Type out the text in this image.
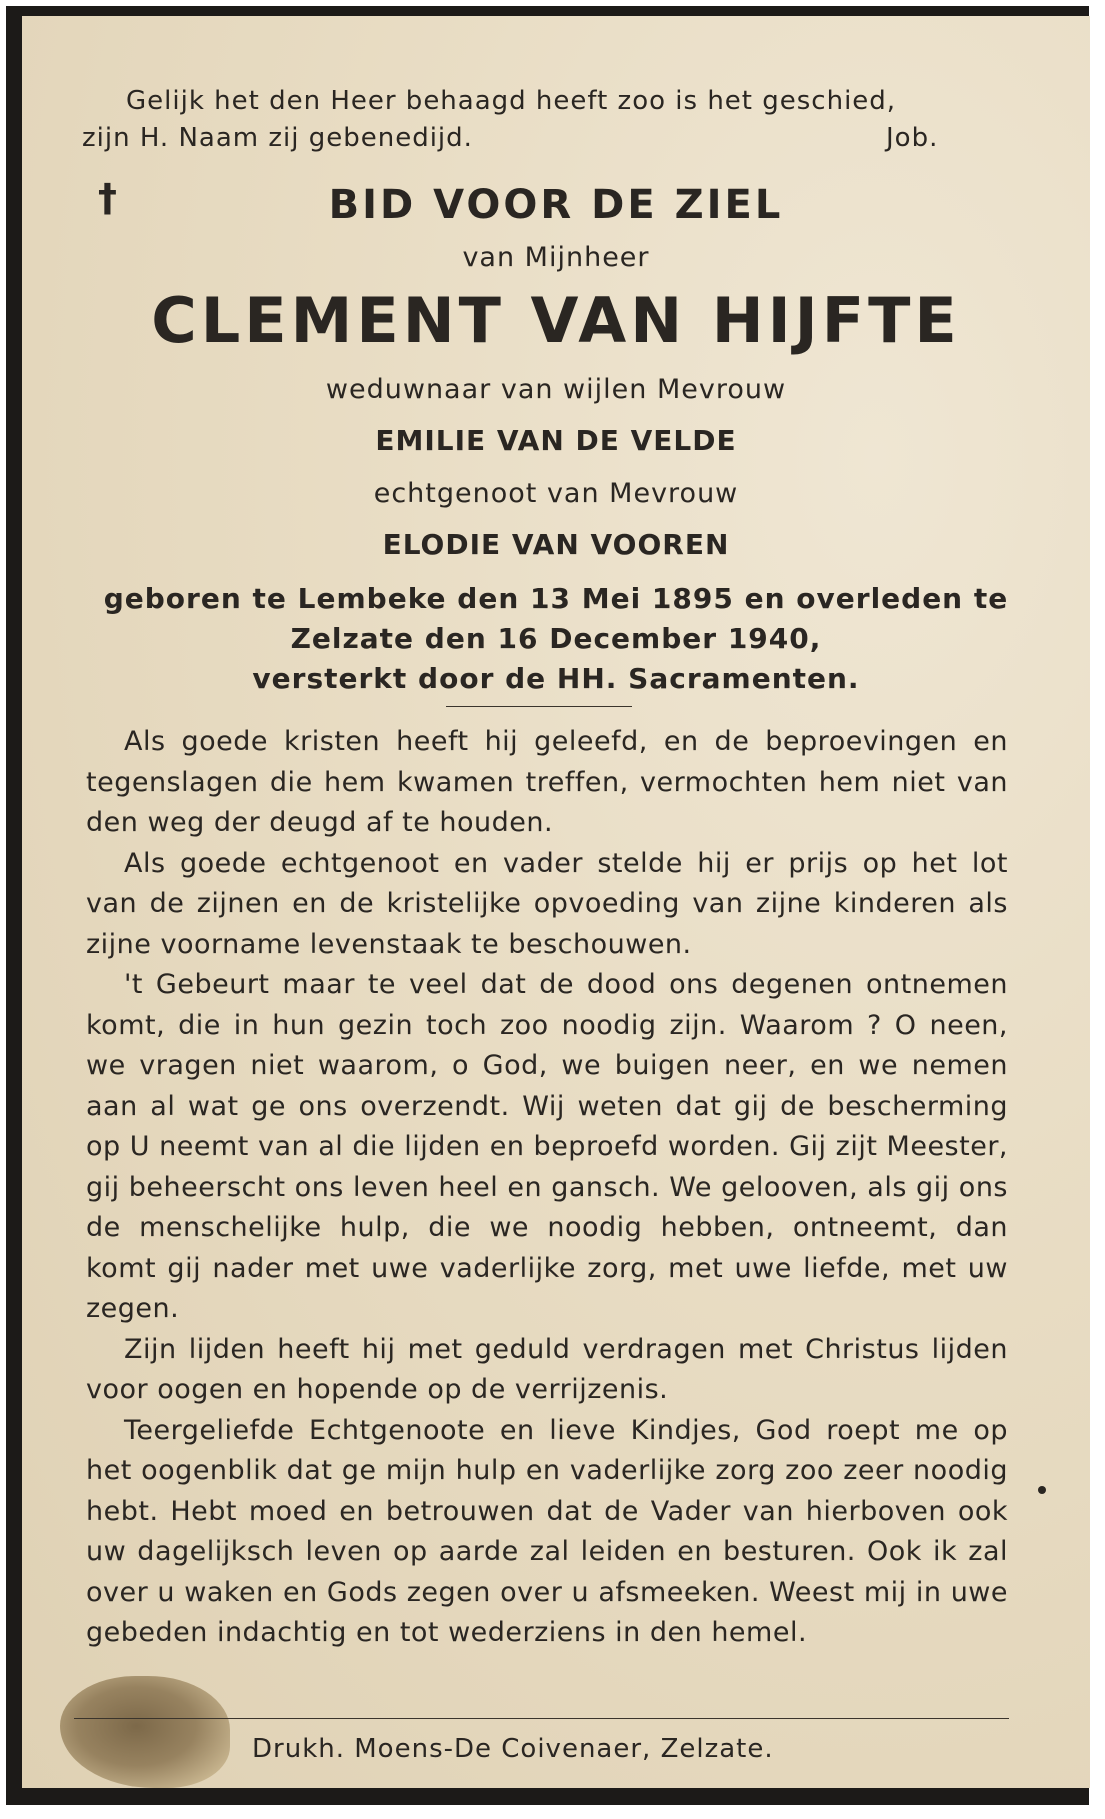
Gelijk het den Heer behaagd heeft zoo is het geschied,
zijn H. Naam zij gebenedijd.	Job.
†	BID VOOR DE ZIEL
van Mijnheer
CLEMENT VAN HIJFTE
weduwnaar van wijlen Mevrouw
EMILIE VAN DE VELDE
echtgenoot van Mevrouw
ELODIE VAN VOOREN
geboren te Lembeke den 13 Mei 1895 en overleden te
Zelzate den 16 December 1940,
versterkt door de HH. Sacramenten.

Als goede kristen heeft hij geleefd, en de beproevingen en tegenslagen die hem kwamen treffen, vermochten hem niet van den weg der deugd af te houden.

Als goede echtgenoot en vader stelde hij er prijs op het lot van de zijnen en de kristelijke opvoeding van zijne kinderen als zijne voorname levenstaak te beschouwen.

't Gebeurt maar te veel dat de dood ons degenen ontnemen komt, die in hun gezin toch zoo noodig zijn. Waarom ? O neen, we vragen niet waarom, o God, we buigen neer, en we nemen aan al wat ge ons overzendt. Wij weten dat gij de bescherming op U neemt van al die lijden en beproefd worden. Gij zijt Meester, gij beheerscht ons leven heel en gansch. We gelooven, als gij ons de menschelijke hulp, die we noodig hebben, ontneemt, dan komt gij nader met uwe vaderlijke zorg, met uwe liefde, met uw zegen.

Zijn lijden heeft hij met geduld verdragen met Christus lijden voor oogen en hopende op de verrijzenis.

Teergeliefde Echtgenoote en lieve Kindjes, God roept me op het oogenblik dat ge mijn hulp en vaderlijke zorg zoo zeer noodig hebt. Hebt moed en betrouwen dat de Vader van hierboven ook uw dagelijksch leven op aarde zal leiden en besturen. Ook ik zal over u waken en Gods zegen over u afsmeeken. Weest mij in uwe gebeden indachtig en tot wederziens in den hemel.

Drukh. Moens-De Coivenaer, Zelzate.
